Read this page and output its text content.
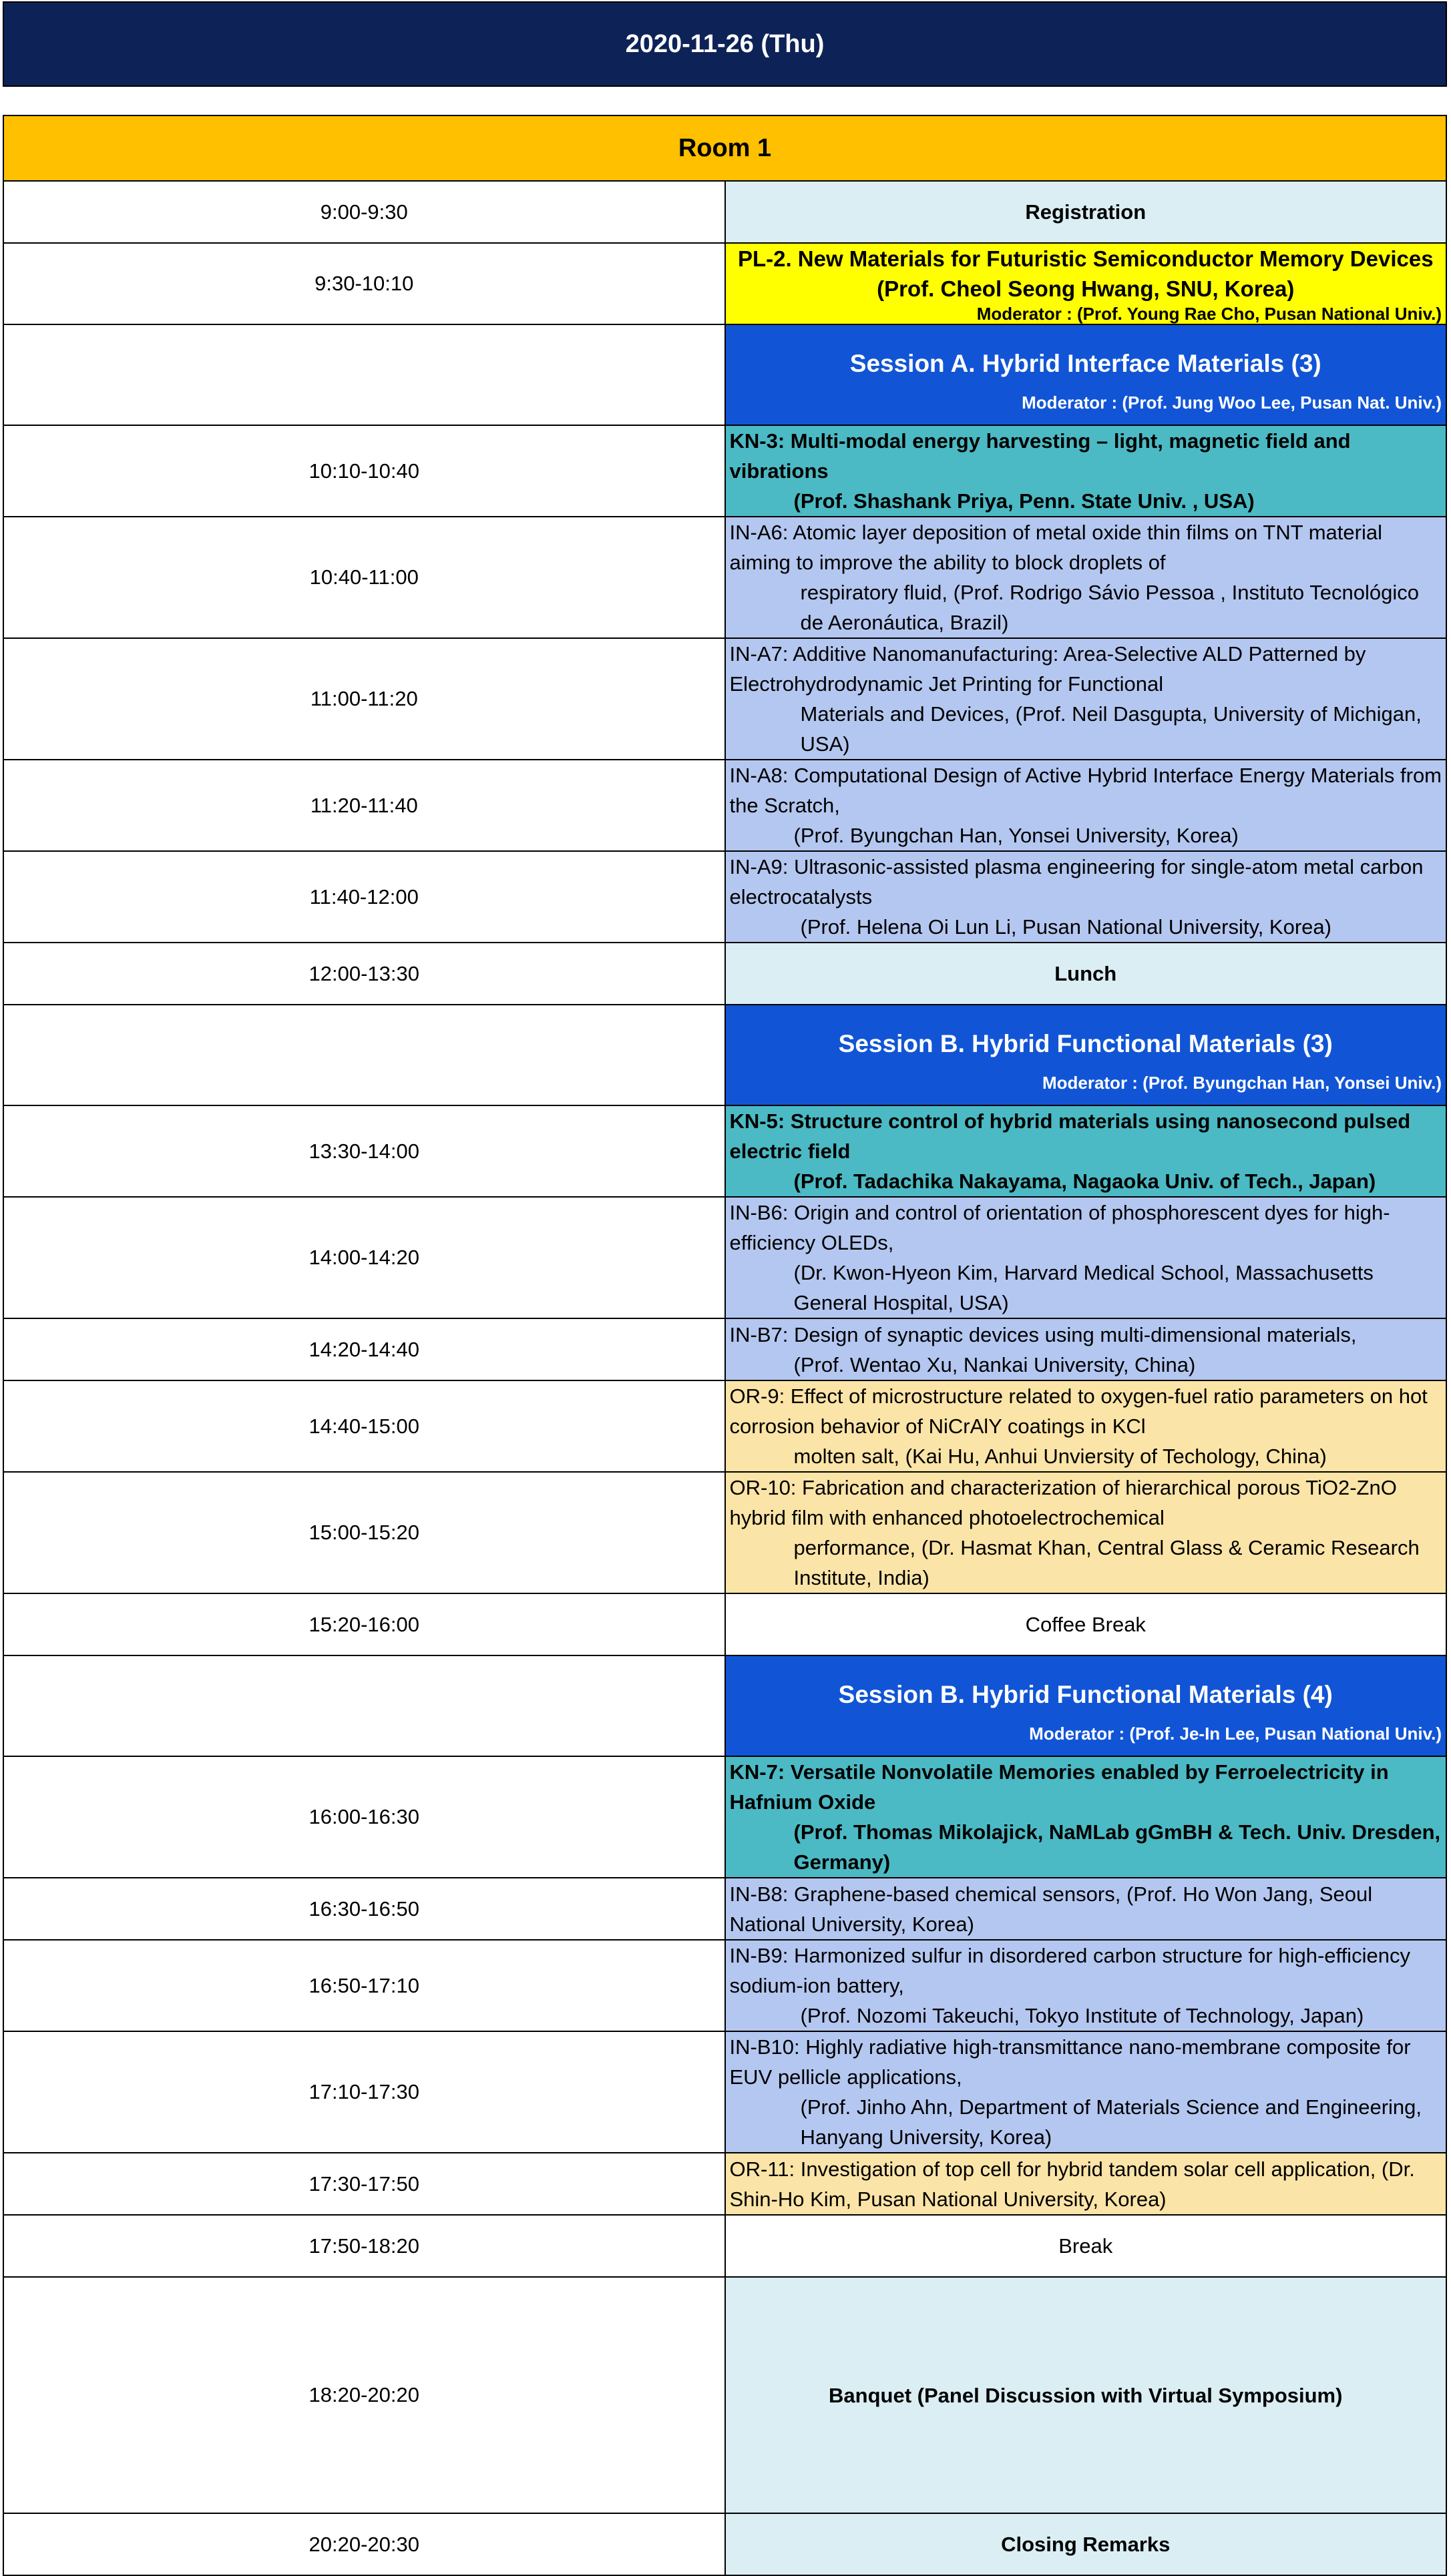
2020-11-26 (Thu)
Room 1	
9:00-9:30	Registration
9:30-10:10	PL-2. New Materials for Futuristic Semiconductor Memory Devices
(Prof. Cheol Seong Hwang, SNU, Korea)
Moderator : (Prof. Young Rae Cho, Pusan National Univ.)

	Session A. Hybrid Interface Materials (3)
Moderator : (Prof. Jung Woo Lee, Pusan Nat. Univ.)

10:10-10:40	KN-3: Multi-modal energy harvesting – light, magnetic field and vibrations
(Prof. Shashank Priya, Penn. State Univ. , USA)

10:40-11:00	IN-A6: Atomic layer deposition of metal oxide thin films on TNT material aiming to improve the ability to block droplets of
respiratory fluid, (Prof. Rodrigo Sávio Pessoa , Instituto Tecnológico de Aeronáutica, Brazil)

11:00-11:20	IN-A7: Additive Nanomanufacturing: Area-Selective ALD Patterned by Electrohydrodynamic Jet Printing for Functional
Materials and Devices, (Prof. Neil Dasgupta, University of Michigan, USA)

11:20-11:40	IN-A8: Computational Design of Active Hybrid Interface Energy Materials from the Scratch,
(Prof. Byungchan Han, Yonsei University, Korea)

11:40-12:00	IN-A9: Ultrasonic-assisted plasma engineering for single-atom metal carbon electrocatalysts
(Prof. Helena Oi Lun Li, Pusan National University, Korea)

12:00-13:30	Lunch

	Session B. Hybrid Functional Materials (3)
Moderator : (Prof. Byungchan Han, Yonsei Univ.)

13:30-14:00	KN-5: Structure control of hybrid materials using nanosecond pulsed electric field
(Prof. Tadachika Nakayama, Nagaoka Univ. of Tech., Japan)

14:00-14:20	IN-B6: Origin and control of orientation of phosphorescent dyes for high-efficiency OLEDs,
(Dr. Kwon-Hyeon Kim, Harvard Medical School, Massachusetts General Hospital, USA)

14:20-14:40	IN-B7: Design of synaptic devices using multi-dimensional materials,
(Prof. Wentao Xu, Nankai University, China)

14:40-15:00	OR-9: Effect of microstructure related to oxygen-fuel ratio parameters on hot corrosion behavior of NiCrAlY coatings in KCl
molten salt, (Kai Hu, Anhui Unviersity of Techology, China)

15:00-15:20	OR-10: Fabrication and characterization of hierarchical porous TiO2-ZnO hybrid film with enhanced photoelectrochemical
performance, (Dr. Hasmat Khan, Central Glass & Ceramic Research Institute, India)

15:20-16:00	Coffee Break

	Session B. Hybrid Functional Materials (4)
Moderator : (Prof. Je-In Lee, Pusan National Univ.)

16:00-16:30	KN-7: Versatile Nonvolatile Memories enabled by Ferroelectricity in Hafnium Oxide
(Prof. Thomas Mikolajick, NaMLab gGmBH & Tech. Univ. Dresden, Germany)

16:30-16:50	IN-B8: Graphene-based chemical sensors, (Prof. Ho Won Jang, Seoul National University, Korea)

16:50-17:10	IN-B9: Harmonized sulfur in disordered carbon structure for high-efficiency sodium-ion battery,
(Prof. Nozomi Takeuchi, Tokyo Institute of Technology, Japan)

17:10-17:30	IN-B10: Highly radiative high-transmittance nano-membrane composite for EUV pellicle applications,
(Prof. Jinho Ahn, Department of Materials Science and Engineering, Hanyang University, Korea)

17:30-17:50	OR-11: Investigation of top cell for hybrid tandem solar cell application, (Dr. Shin-Ho Kim, Pusan National University, Korea)

17:50-18:20	Break
18:20-20:20	Banquet (Panel Discussion with Virtual Symposium)
20:20-20:30	Closing Remarks
